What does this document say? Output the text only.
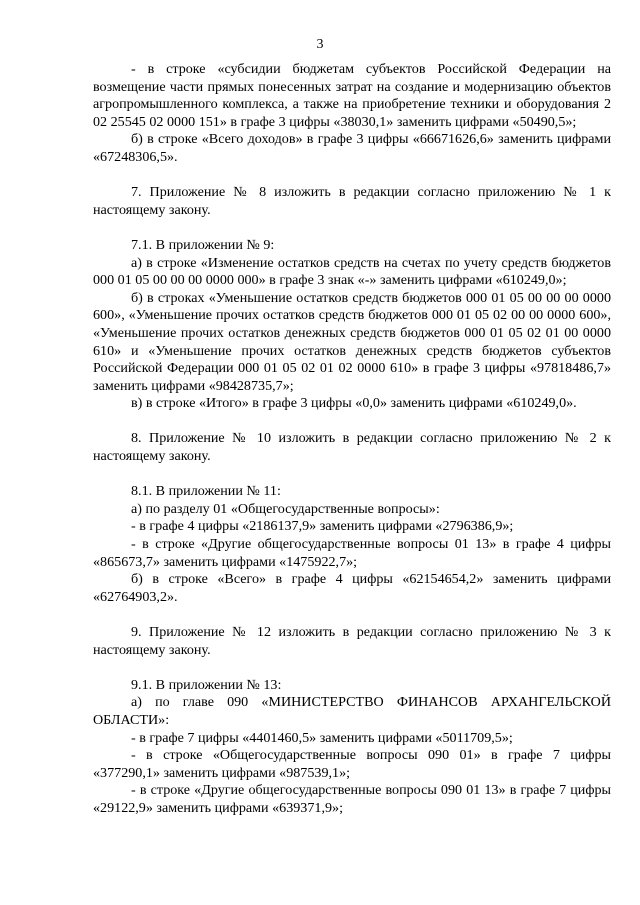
3

- в строке «субсидии бюджетам субъектов Российской Федерации на возмещение части прямых понесенных затрат на создание и модернизацию объектов агропромышленного комплекса, а также на приобретение техники и оборудования 2 02 25545 02 0000 151» в графе 3 цифры «38030,1» заменить цифрами «50490,5»;

б) в строке «Всего доходов» в графе 3 цифры «66671626,6» заменить цифрами «67248306,5».

7. Приложение № 8 изложить в редакции согласно приложению № 1 к настоящему закону.

7.1. В приложении № 9:

а) в строке «Изменение остатков средств на счетах по учету средств бюджетов 000 01 05 00 00 00 0000 000» в графе 3 знак «-» заменить цифрами «610249,0»;

б) в строках «Уменьшение остатков средств бюджетов 000 01 05 00 00 00 0000 600», «Уменьшение прочих остатков средств бюджетов 000 01 05 02 00 00 0000 600», «Уменьшение прочих остатков денежных средств бюджетов 000 01 05 02 01 00 0000 610» и «Уменьшение прочих остатков денежных средств бюджетов субъектов Российской Федерации 000 01 05 02 01 02 0000 610» в графе 3 цифры «97818486,7» заменить цифрами «98428735,7»;

в) в строке «Итого» в графе 3 цифры «0,0» заменить цифрами «610249,0».

8. Приложение № 10 изложить в редакции согласно приложению № 2 к настоящему закону.

8.1. В приложении № 11:

а) по разделу 01 «Общегосударственные вопросы»:

- в графе 4 цифры «2186137,9» заменить цифрами «2796386,9»;

- в строке «Другие общегосударственные вопросы 01 13» в графе 4 цифры «865673,7» заменить цифрами «1475922,7»;

б) в строке «Всего» в графе 4 цифры «62154654,2» заменить цифрами «62764903,2».

9. Приложение № 12 изложить в редакции согласно приложению № 3 к настоящему закону.

9.1. В приложении № 13:

а) по главе 090 «МИНИСТЕРСТВО ФИНАНСОВ АРХАНГЕЛЬСКОЙ ОБЛАСТИ»:

- в графе 7 цифры «4401460,5» заменить цифрами «5011709,5»;

- в строке «Общегосударственные вопросы 090 01» в графе 7 цифры «377290,1» заменить цифрами «987539,1»;

- в строке «Другие общегосударственные вопросы 090 01 13» в графе 7 цифры «29122,9» заменить цифрами «639371,9»;
